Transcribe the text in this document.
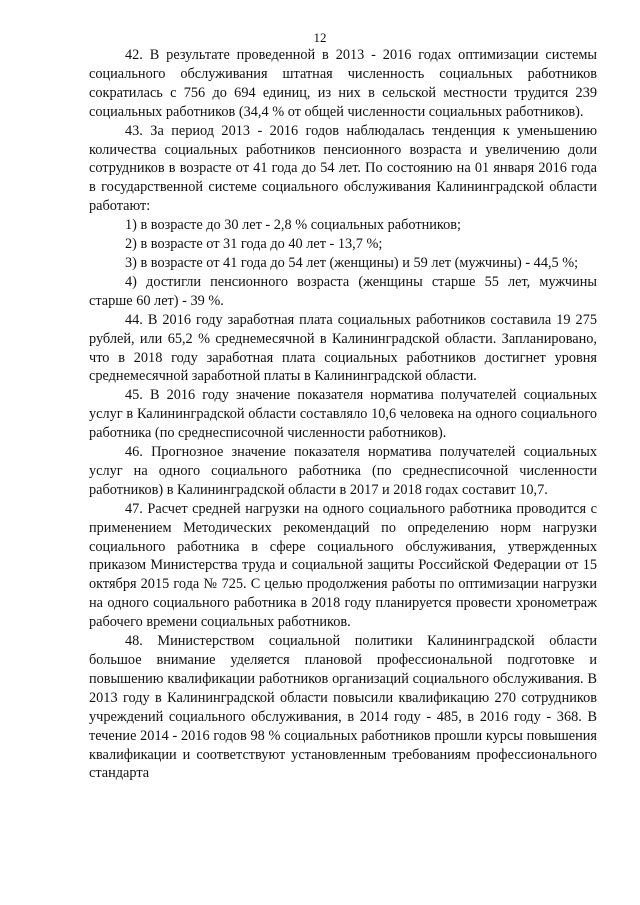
12

42. В результате проведенной в 2013 - 2016 годах оптимизации системы социального обслуживания штатная численность социальных работников сократилась с 756 до 694 единиц, из них в сельской местности трудится 239 социальных работников (34,4 % от общей численности социальных работников).

43. За период 2013 - 2016 годов наблюдалась тенденция к уменьшению количества социальных работников пенсионного возраста и увеличению доли сотрудников в возрасте от 41 года до 54 лет. По состоянию на 01 января 2016 года в государственной системе социального обслуживания Калининградской области работают:

1) в возрасте до 30 лет - 2,8 % социальных работников;

2) в возрасте от 31 года до 40 лет - 13,7 %;

3) в возрасте от 41 года до 54 лет (женщины) и 59 лет (мужчины) - 44,5 %;

4) достигли пенсионного возраста (женщины старше 55 лет, мужчины старше 60 лет) - 39 %.

44. В 2016 году заработная плата социальных работников составила 19 275 рублей, или 65,2 % среднемесячной в Калининградской области. Запланировано, что в 2018 году заработная плата социальных работников достигнет уровня среднемесячной заработной платы в Калининградской области.

45. В 2016 году значение показателя норматива получателей социальных услуг в Калининградской области составляло 10,6 человека на одного социального работника (по среднесписочной численности работников).

46. Прогнозное значение показателя норматива получателей социальных услуг на одного социального работника (по среднесписочной численности работников) в Калининградской области в 2017 и 2018 годах составит 10,7.

47. Расчет средней нагрузки на одного социального работника проводится с применением Методических рекомендаций по определению норм нагрузки социального работника в сфере социального обслуживания, утвержденных приказом Министерства труда и социальной защиты Российской Федерации от 15 октября 2015 года № 725. С целью продолжения работы по оптимизации нагрузки на одного социального работника в 2018 году планируется провести хронометраж рабочего времени социальных работников.

48. Министерством социальной политики Калининградской области большое внимание уделяется плановой профессиональной подготовке и повышению квалификации работников организаций социального обслуживания. В 2013 году в Калининградской области повысили квалификацию 270 сотрудников учреждений социального обслуживания, в 2014 году - 485, в 2016 году - 368. В течение 2014 - 2016 годов 98 % социальных работников прошли курсы повышения квалификации и соответствуют установленным требованиям профессионального стандарта
